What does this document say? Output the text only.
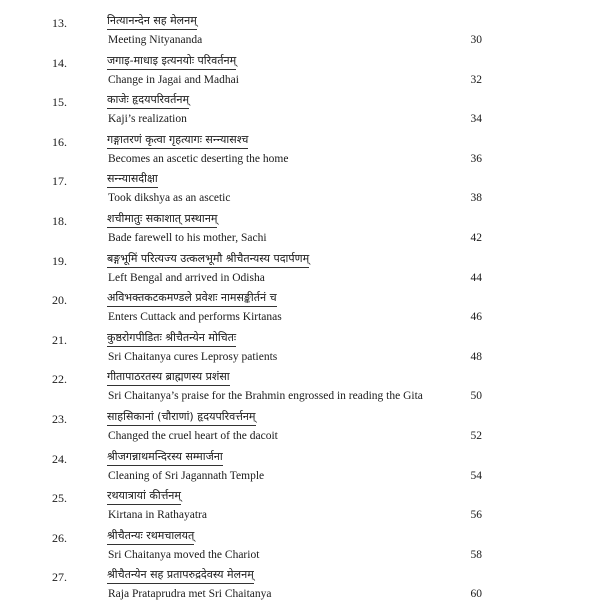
13.	नित्यानन्देन सह मेलनम्
Meeting Nityananda	30
14.	जगाइ-माधाइ इत्यनयोः परिवर्तनम्
Change in Jagai and Madhai	32
15.	काजेः हृदयपरिवर्तनम्
Kaji’s realization	34
16.	गङ्गातरणं कृत्वा गृहत्यागः सन्न्यासश्च
Becomes an ascetic deserting the home	36
17.	सन्न्यासदीक्षा
Took dikshya as an ascetic	38
18.	शचीमातुः सकाशात् प्रस्थानम्
Bade farewell to his mother, Sachi	42
19.	बङ्गभूमिं परित्यज्य उत्कलभूमौ श्रीचैतन्यस्य पदार्पणम्
Left Bengal and arrived in Odisha	44
20.	अविभक्तकटकमण्डले प्रवेशः नामसङ्कीर्तनं च
Enters Cuttack and performs Kirtanas	46
21.	कुष्ठरोगपीडितः श्रीचैतन्येन मोचितः
Sri Chaitanya cures Leprosy patients	48
22.	गीतापाठरतस्य ब्राह्मणस्य प्रशंसा
Sri Chaitanya’s praise for the Brahmin engrossed in reading the Gita	50
23.	साहसिकानां (चौराणां) हृदयपरिवर्त्तनम्
Changed the cruel heart of the dacoit	52
24.	श्रीजगन्नाथमन्दिरस्य सम्मार्जना
Cleaning of Sri Jagannath Temple	54
25.	रथयात्रायां कीर्त्तनम्
Kirtana in Rathayatra	56
26.	श्रीचैतन्यः रथमचालयत्
Sri Chaitanya moved the Chariot	58
27.	श्रीचैतन्येन सह प्रतापरुद्रदेवस्य मेलनम्
Raja Prataprudra met Sri Chaitanya	60
